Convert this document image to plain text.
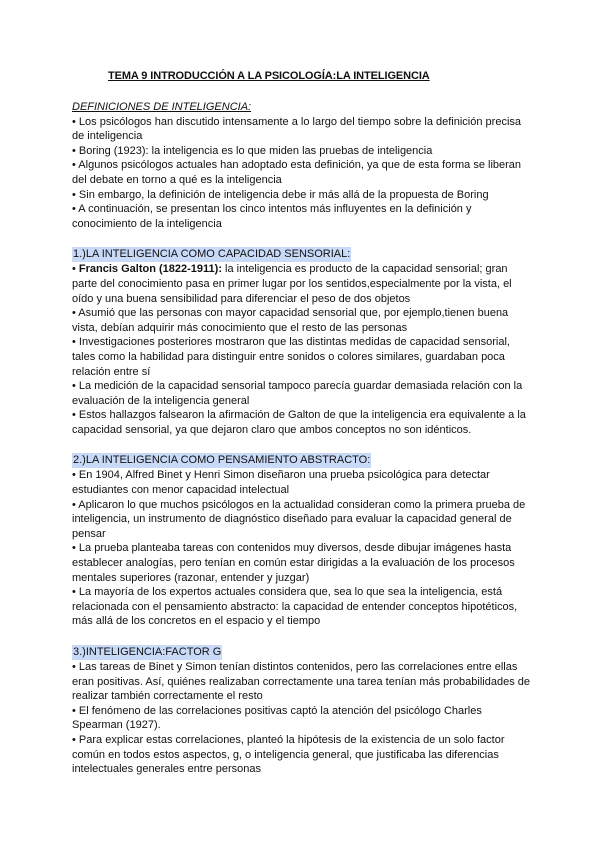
TEMA 9 INTRODUCCIÓN A LA PSICOLOGÍA:LA INTELIGENCIA

DEFINICIONES DE INTELIGENCIA:

• Los psicólogos han discutido intensamente a lo largo del tiempo sobre la definición precisa de inteligencia

• Boring (1923): la inteligencia es lo que miden las pruebas de inteligencia

• Algunos psicólogos actuales han adoptado esta definición, ya que de esta forma se liberan del debate en torno a qué es la inteligencia

• Sin embargo, la definición de inteligencia debe ir más allá de la propuesta de Boring

• A continuación, se presentan los cinco intentos más influyentes en la definición y conocimiento de la inteligencia

1.)LA INTELIGENCIA COMO CAPACIDAD SENSORIAL:

• Francis Galton (1822-1911): la inteligencia es producto de la capacidad sensorial; gran parte del conocimiento pasa en primer lugar por los sentidos,especialmente por la vista, el oído y una buena sensibilidad para diferenciar el peso de dos objetos

• Asumió que las personas con mayor capacidad sensorial que, por ejemplo,tienen buena vista, debían adquirir más conocimiento que el resto de las personas

• Investigaciones posteriores mostraron que las distintas medidas de capacidad sensorial, tales como la habilidad para distinguir entre sonidos o colores similares, guardaban poca relación entre sí

• La medición de la capacidad sensorial tampoco parecía guardar demasiada relación con la evaluación de la inteligencia general

• Estos hallazgos falsearon la afirmación de Galton de que la inteligencia era equivalente a la capacidad sensorial, ya que dejaron claro que ambos conceptos no son idénticos.

2.)LA INTELIGENCIA COMO PENSAMIENTO ABSTRACTO:

• En 1904, Alfred Binet y Henri Simon diseñaron una prueba psicológica para detectar estudiantes con menor capacidad intelectual

• Aplicaron lo que muchos psicólogos en la actualidad consideran como la primera prueba de inteligencia, un instrumento de diagnóstico diseñado para evaluar la capacidad general de pensar

• La prueba planteaba tareas con contenidos muy diversos, desde dibujar imágenes hasta establecer analogías, pero tenían en común estar dirigidas a la evaluación de los procesos mentales superiores (razonar, entender y juzgar)

• La mayoría de los expertos actuales considera que, sea lo que sea la inteligencia, está relacionada con el pensamiento abstracto: la capacidad de entender conceptos hipotéticos, más allá de los concretos en el espacio y el tiempo

3.)INTELIGENCIA:FACTOR G

• Las tareas de Binet y Simon tenían distintos contenidos, pero las correlaciones entre ellas eran positivas. Así, quiénes realizaban correctamente una tarea tenían más probabilidades de realizar también correctamente el resto

• El fenómeno de las correlaciones positivas captó la atención del psicólogo Charles Spearman (1927).

• Para explicar estas correlaciones, planteó la hipótesis de la existencia de un solo factor común en todos estos aspectos, g, o inteligencia general, que justificaba las diferencias intelectuales generales entre personas
